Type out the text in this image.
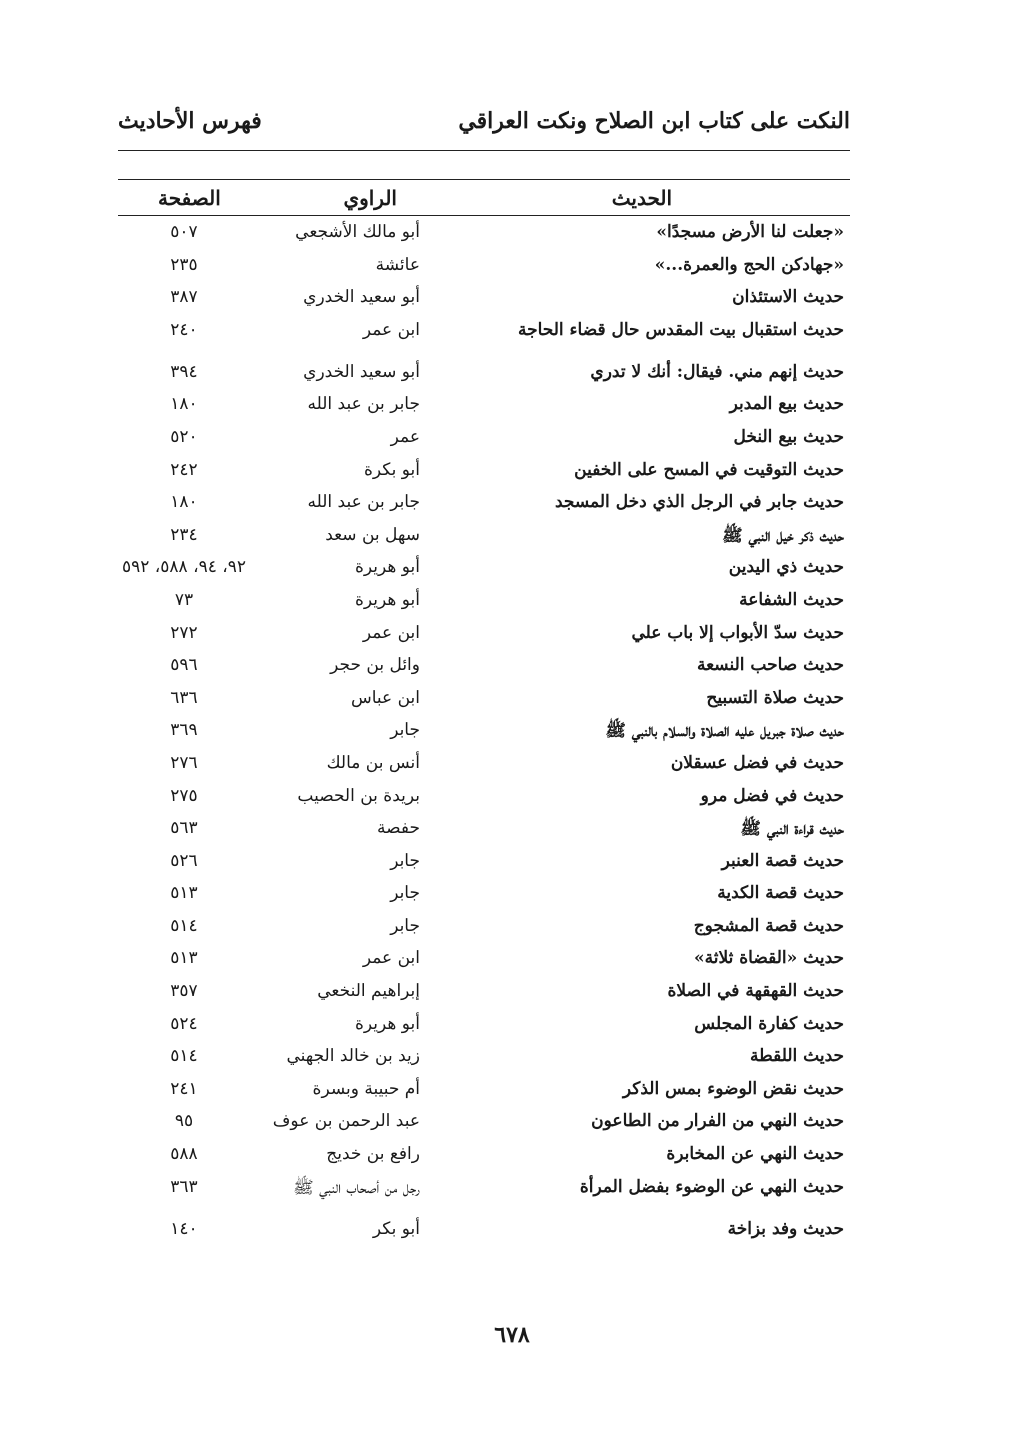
النكت على كتاب ابن الصلاح ونكت العراقي
فهرس الأحاديث
الحديث
الراوي
الصفحة
«جعلت لنا الأرض مسجدًا»
أبو مالك الأشجعي
٥٠٧
«جهادكن الحج والعمرة...»
عائشة
٢٣٥
حديث الاستئذان
أبو سعيد الخدري
٣٨٧
حديث استقبال بيت المقدس حال قضاء الحاجة
ابن عمر
٢٤٠
حديث إنهم مني. فيقال: أنك لا تدري
أبو سعيد الخدري
٣٩٤
حديث بيع المدبر
جابر بن عبد الله
١٨٠
حديث بيع النخل
عمر
٥٢٠
حديث التوقيت في المسح على الخفين
أبو بكرة
٢٤٢
حديث جابر في الرجل الذي دخل المسجد
جابر بن عبد الله
١٨٠
حديث ذكر خيل النبي ﷺ
سهل بن سعد
٢٣٤
حديث ذي اليدين
أبو هريرة
٩٢، ٩٤، ٥٨٨، ٥٩٢
حديث الشفاعة
أبو هريرة
٧٣
حديث سدّ الأبواب إلا باب علي
ابن عمر
٢٧٢
حديث صاحب النسعة
وائل بن حجر
٥٩٦
حديث صلاة التسبيح
ابن عباس
٦٣٦
حديث صلاة جبريل عليه الصلاة والسلام بالنبي ﷺ
جابر
٣٦٩
حديث في فضل عسقلان
أنس بن مالك
٢٧٦
حديث في فضل مرو
بريدة بن الحصيب
٢٧٥
حديث قراءة النبي ﷺ
حفصة
٥٦٣
حديث قصة العنبر
جابر
٥٢٦
حديث قصة الكدية
جابر
٥١٣
حديث قصة المشجوج
جابر
٥١٤
حديث «القضاة ثلاثة»
ابن عمر
٥١٣
حديث القهقهة في الصلاة
إبراهيم النخعي
٣٥٧
حديث كفارة المجلس
أبو هريرة
٥٢٤
حديث اللقطة
زيد بن خالد الجهني
٥١٤
حديث نقض الوضوء بمس الذكر
أم حبيبة وبسرة
٢٤١
حديث النهي من الفرار من الطاعون
عبد الرحمن بن عوف
٩٥
حديث النهي عن المخابرة
رافع بن خديج
٥٨٨
حديث النهي عن الوضوء بفضل المرأة
رجل من أصحاب النبي ﷺ
٣٦٣
حديث وفد بزاخة
أبو بكر
١٤٠
٦٧٨
